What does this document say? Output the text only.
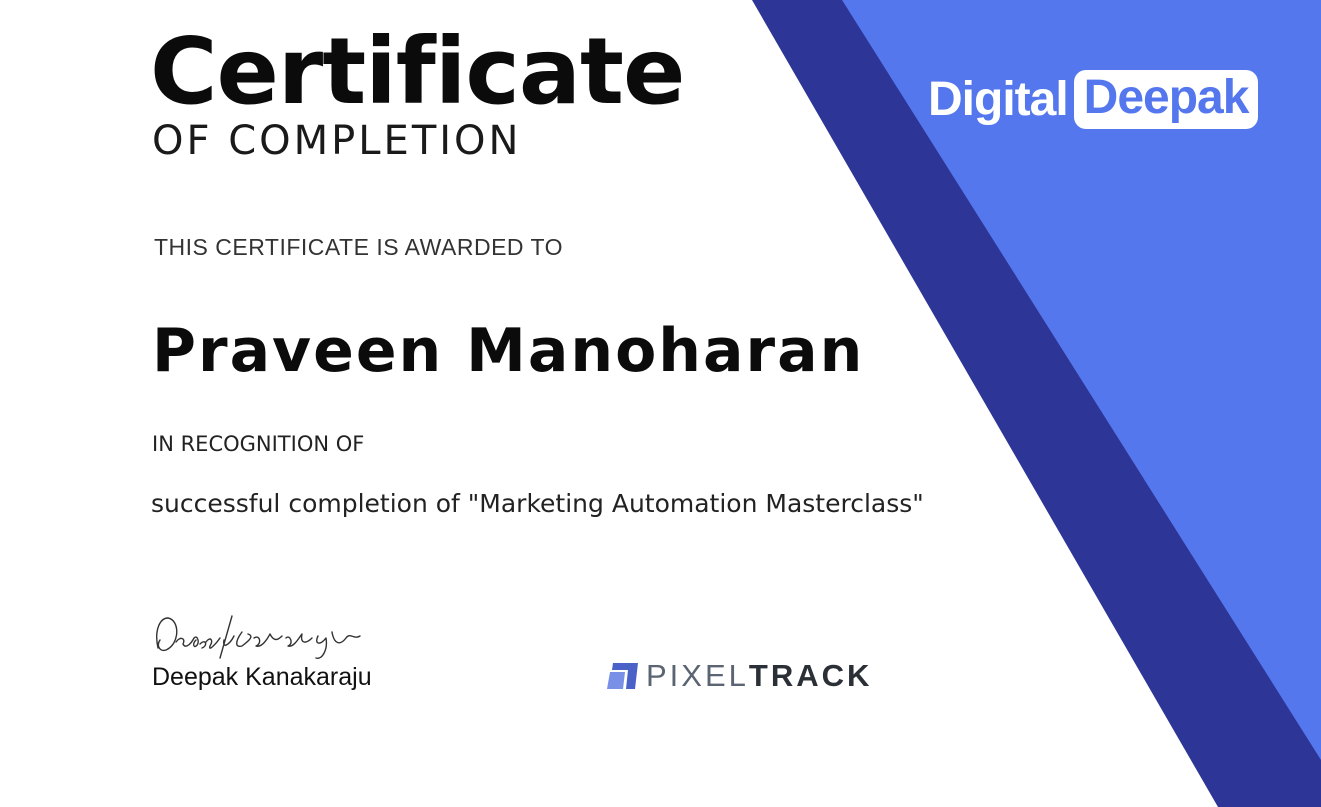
Certificate
OF COMPLETION
THIS CERTIFICATE IS AWARDED TO
Praveen Manoharan
IN RECOGNITION OF
successful completion of "Marketing Automation Masterclass"
Deepak Kanakaraju	PIXELTRACK
Digital Deepak
